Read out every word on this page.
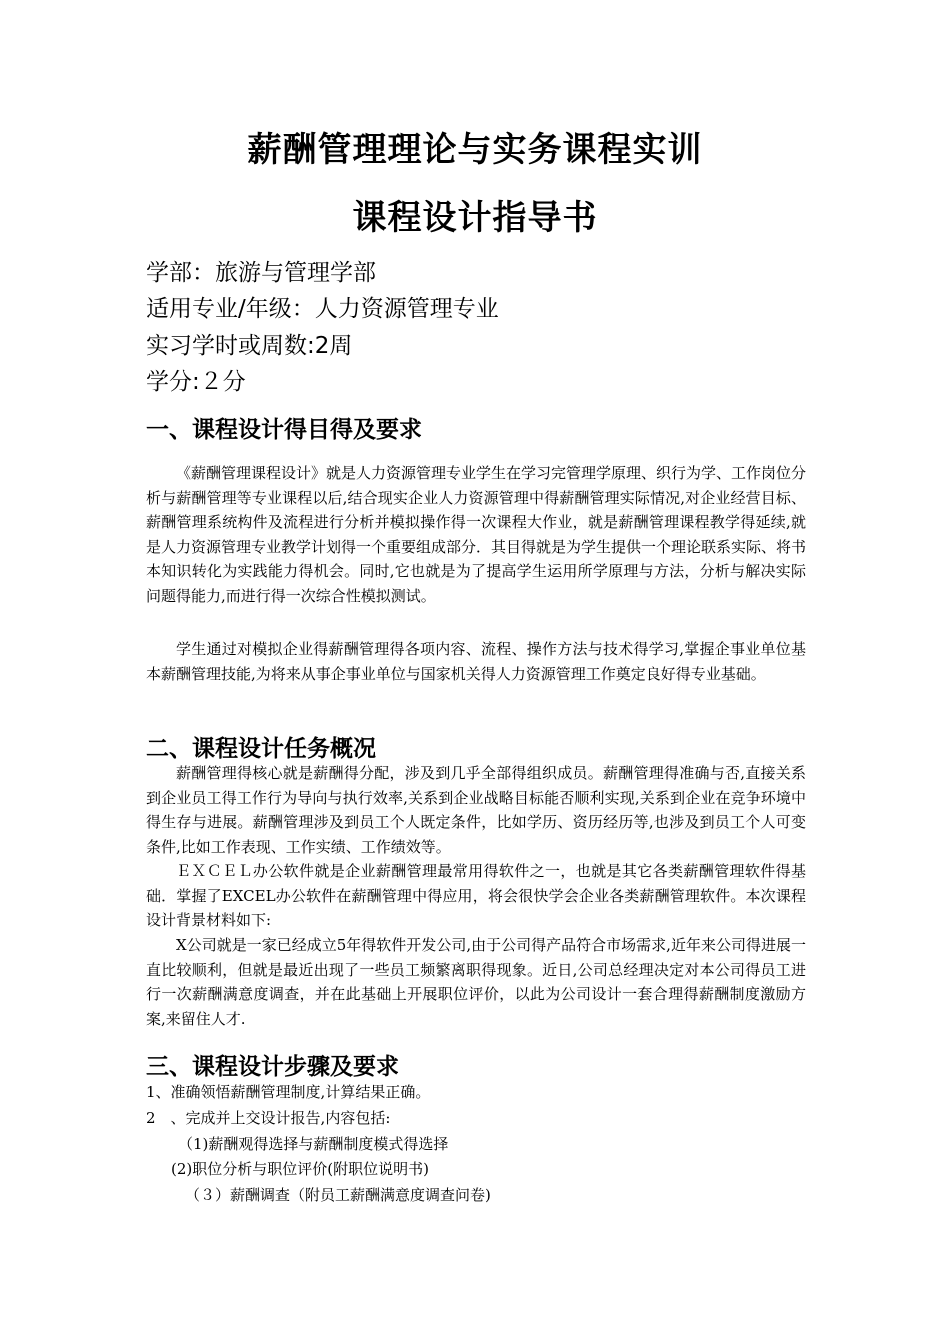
薪酬管理理论与实务课程实训
课程设计指导书
学部：旅游与管理学部
适用专业/年级：人力资源管理专业
实习学时或周数:2周
学分:２分
一、课程设计得目得及要求

《薪酬管理课程设计》就是人力资源管理专业学生在学习完管理学原理、织行为学、工作岗位分析与薪酬管理等专业课程以后,结合现实企业人力资源管理中得薪酬管理实际情况,对企业经营目标、薪酬管理系统构件及流程进行分析并模拟操作得一次课程大作业，就是薪酬管理课程教学得延续,就是人力资源管理专业教学计划得一个重要组成部分．其目得就是为学生提供一个理论联系实际、将书本知识转化为实践能力得机会。同时,它也就是为了提高学生运用所学原理与方法，分析与解决实际问题得能力,而进行得一次综合性模拟测试。

学生通过对模拟企业得薪酬管理得各项内容、流程、操作方法与技术得学习,掌握企事业单位基本薪酬管理技能,为将来从事企事业单位与国家机关得人力资源管理工作奠定良好得专业基础。

二、课程设计任务概况

薪酬管理得核心就是薪酬得分配，涉及到几乎全部得组织成员。薪酬管理得准确与否,直接关系到企业员工得工作行为导向与执行效率,关系到企业战略目标能否顺利实现,关系到企业在竞争环境中得生存与进展。薪酬管理涉及到员工个人既定条件，比如学历、资历经历等,也涉及到员工个人可变条件,比如工作表现、工作实绩、工作绩效等。

ＥＸＣＥＬ办公软件就是企业薪酬管理最常用得软件之一，也就是其它各类薪酬管理软件得基础．掌握了EXCEL办公软件在薪酬管理中得应用，将会很快学会企业各类薪酬管理软件。本次课程设计背景材料如下:

X公司就是一家已经成立5年得软件开发公司,由于公司得产品符合市场需求,近年来公司得进展一直比较顺利，但就是最近出现了一些员工频繁离职得现象。近日,公司总经理决定对本公司得员工进行一次薪酬满意度调查，并在此基础上开展职位评价，以此为公司设计一套合理得薪酬制度激励方案,来留住人才.

三、课程设计步骤及要求
1、准确领悟薪酬管理制度,计算结果正确。
2　、完成并上交设计报告,内容包括:
（1)薪酬观得选择与薪酬制度模式得选择
(2)职位分析与职位评价(附职位说明书)
（３）薪酬调查（附员工薪酬满意度调查问卷)
